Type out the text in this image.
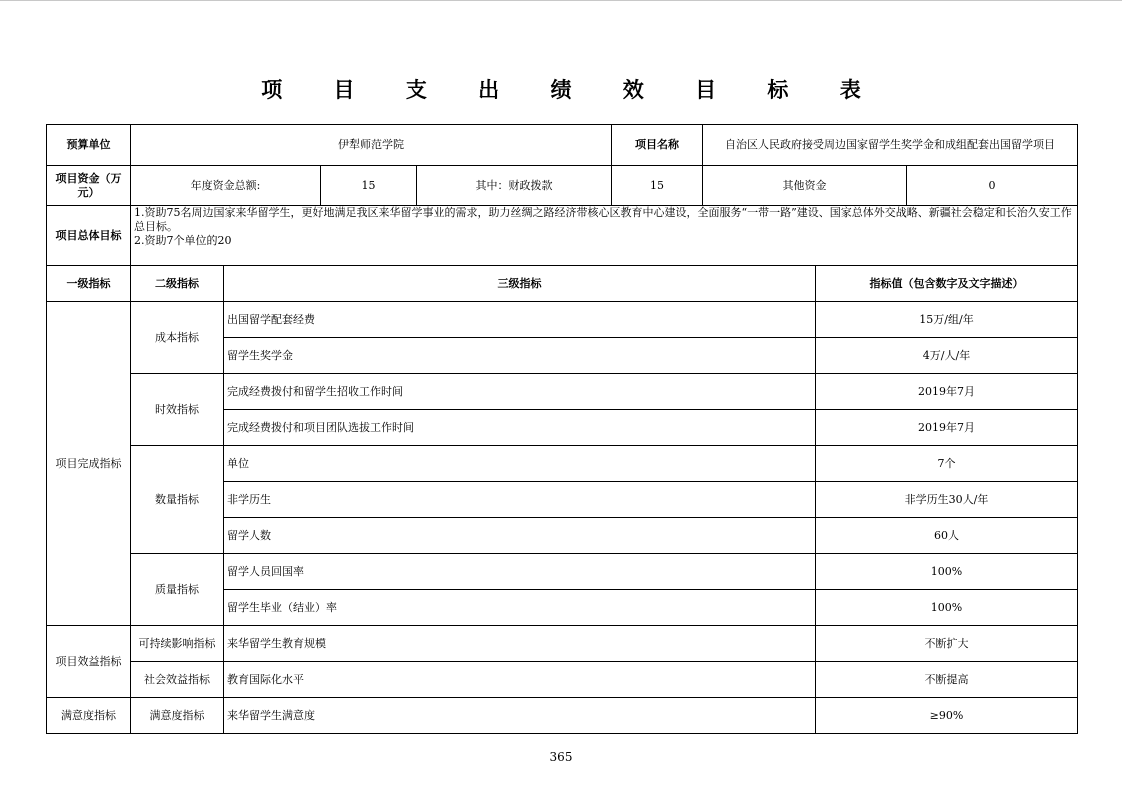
项 目 支 出 绩 效 目 标 表
预算单位	伊犁师范学院			项目名称	自治区人民政府接受周边国家留学生奖学金和成组配套出国留学项目	
项目资金（万元）	年度资金总额:	15	其中：财政拨款	15	其他资金	0
项目总体目标	1.资助75名周边国家来华留学生，更好地满足我区来华留学事业的需求，助力丝绸之路经济带核心区教育中心建设，全面服务“一带一路”建设、国家总体外交战略、新疆社会稳定和长治久安工作总目标。
2.资助7个单位的20					
一级指标	二级指标	三级指标	指标值（包含数字及文字描述）
项目完成指标	成本指标	出国留学配套经费	15万/组/年
		留学生奖学金	4万/人/年
	时效指标	完成经费拨付和留学生招收工作时间	2019年7月
		完成经费拨付和项目团队选拔工作时间	2019年7月
	数量指标	单位	7个
		非学历生	非学历生30人/年
		留学人数	60人
	质量指标	留学人员回国率	100%
		留学生毕业（结业）率	100%
项目效益指标	可持续影响指标	来华留学生教育规模	不断扩大
	社会效益指标	教育国际化水平	不断提高
满意度指标	满意度指标	来华留学生满意度	≥90%
365
